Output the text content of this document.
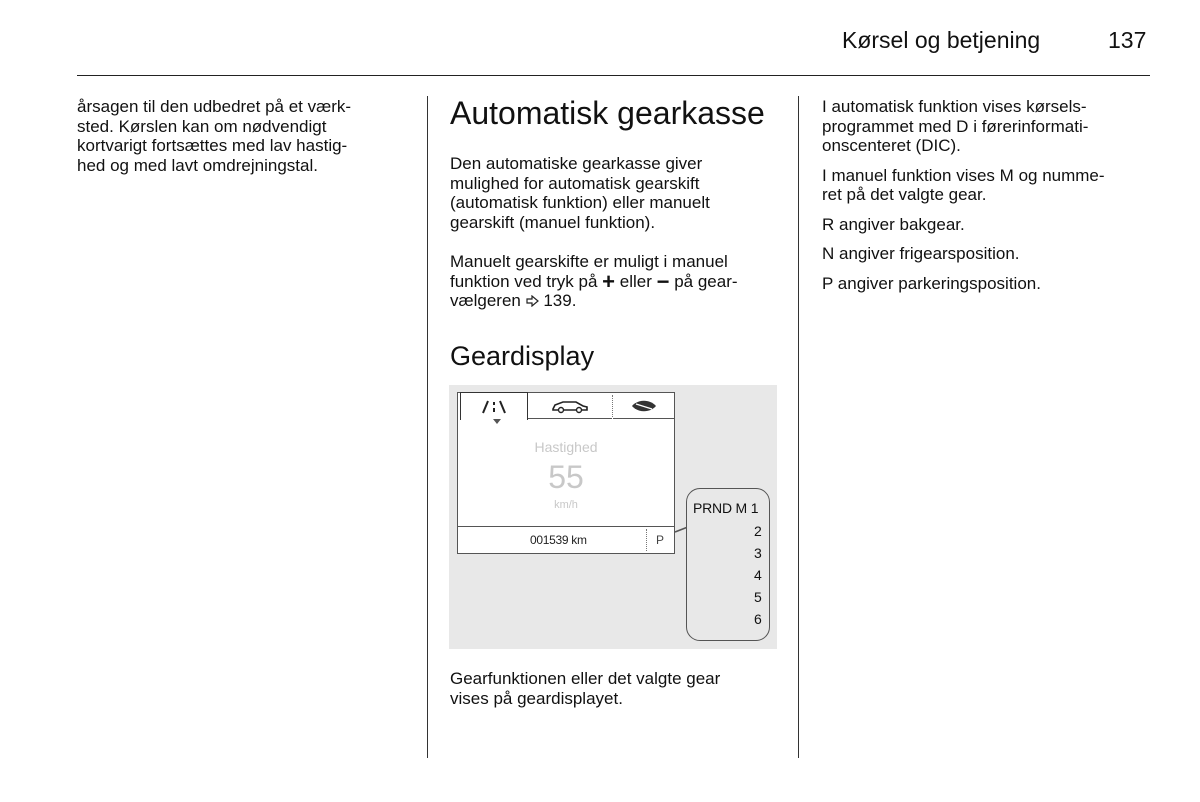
Kørsel og betjening	137
årsagen til den udbedret på et værk-
sted. Kørslen kan om nødvendigt
kortvarigt fortsættes med lav hastig-
hed og med lavt omdrejningstal.
Automatisk gearkasse
Den automatiske gearkasse giver
mulighed for automatisk gearskift
(automatisk funktion) eller manuelt
gearskift (manuel funktion).
Manuelt gearskifte er muligt i manuel
funktion ved tryk på + eller − på gear-
vælgeren 139.
Geardisplay
Hastighed
55
km/h
001539 km	P
PRND M 1
2
3
4
5
6
Gearfunktionen eller det valgte gear
vises på geardisplayet.

I automatisk funktion vises kørsels-
programmet med D i førerinformati-
onscenteret (DIC).

I manuel funktion vises M og numme-
ret på det valgte gear.

R angiver bakgear.

N angiver frigearsposition.

P angiver parkeringsposition.
